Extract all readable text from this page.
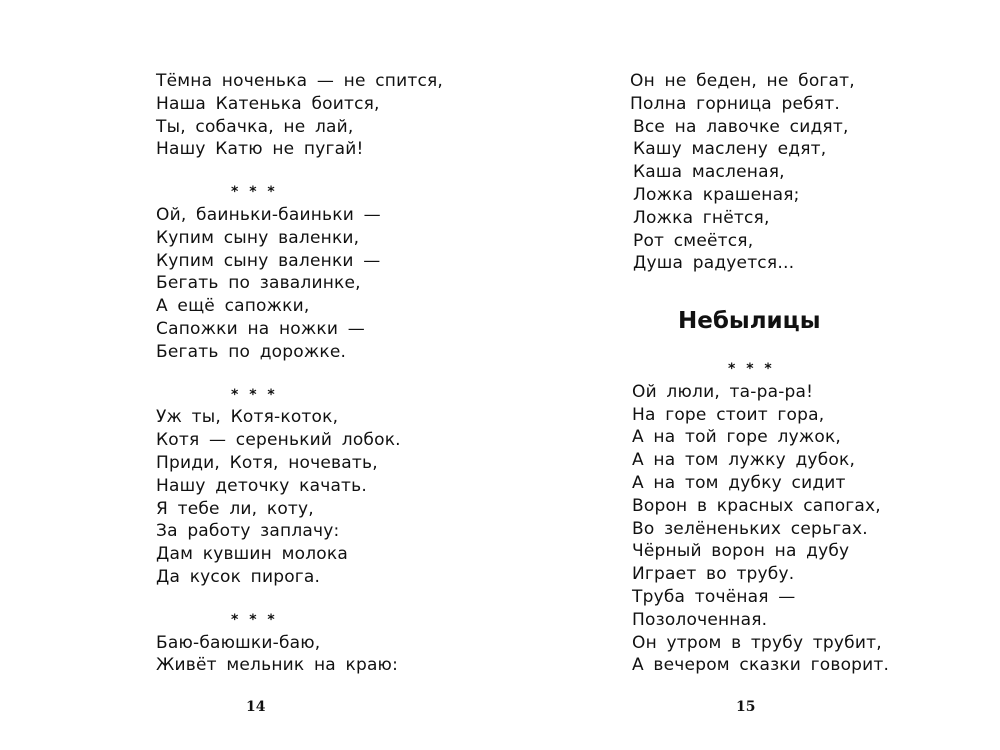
Тёмна ноченька — не спится,
Наша Катенька боится,
Ты, собачка, не лай,
Нашу Катю не пугай!
* * *
Ой, баиньки-баиньки —
Купим сыну валенки,
Купим сыну валенки —
Бегать по завалинке,
А ещё сапожки,
Сапожки на ножки —
Бегать по дорожке.
* * *
Уж ты, Котя-коток,
Котя — серенький лобок.
Приди, Котя, ночевать,
Нашу деточку качать.
Я тебе ли, коту,
За работу заплачу:
Дам кувшин молока
Да кусок пирога.
* * *
Баю-баюшки-баю,
Живёт мельник на краю:
14
Он не беден, не богат,
Полна горница ребят.
Все на лавочке сидят,
Кашу маслену едят,
Каша масленая,
Ложка крашеная;
Ложка гнётся,
Рот смеётся,
Душа радуется…
Небылицы
* * *
Ой люли, та-ра-ра!
На горе стоит гора,
А на той горе лужок,
А на том лужку дубок,
А на том дубку сидит
Ворон в красных сапогах,
Во зелёненьких серьгах.
Чёрный ворон на дубу
Играет во трубу.
Труба точёная —
Позолоченная.
Он утром в трубу трубит,
А вечером сказки говорит.
15
